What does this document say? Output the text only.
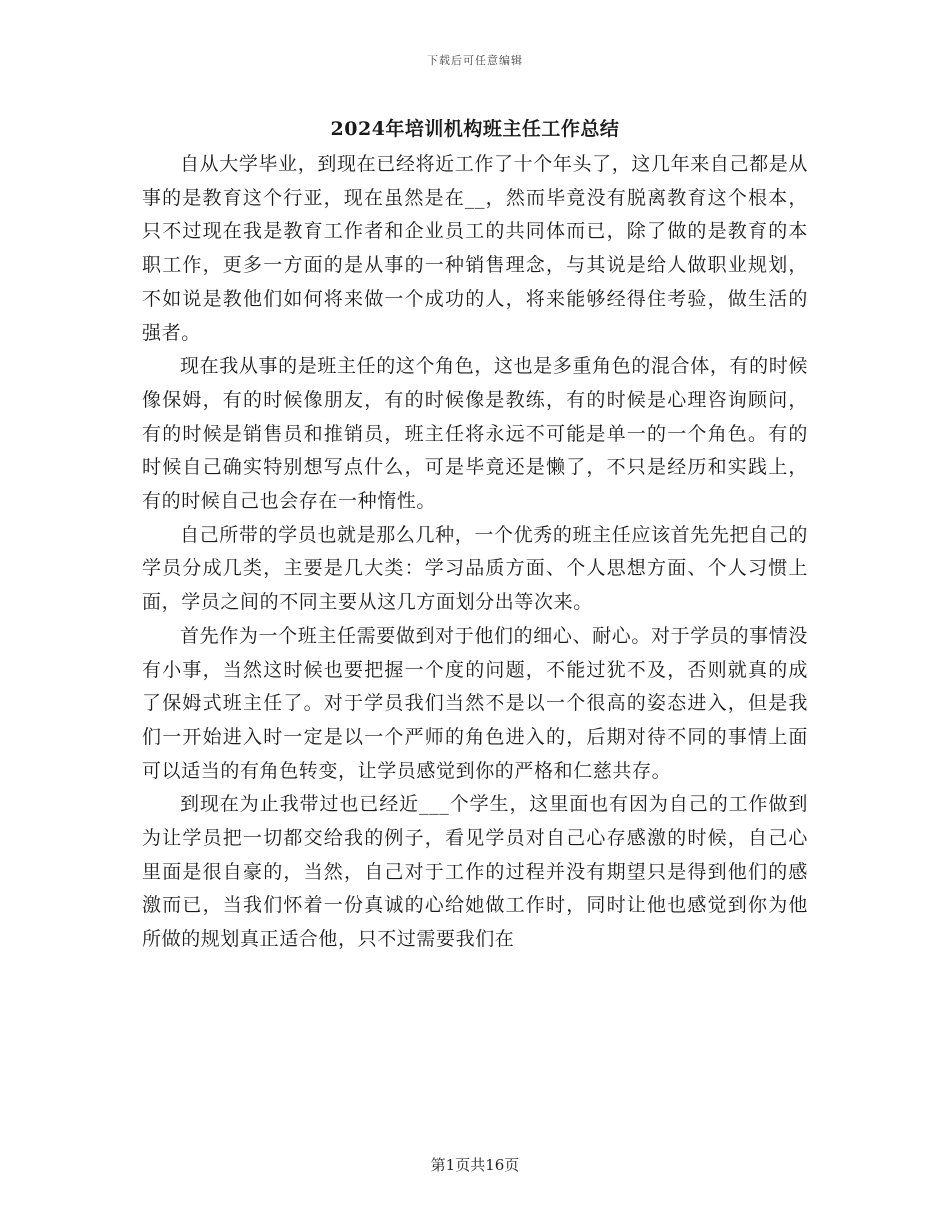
下载后可任意编辑
2024年培训机构班主任工作总结

自从大学毕业，到现在已经将近工作了十个年头了，这几年来自己都是从事的是教育这个行亚，现在虽然是在__，然而毕竟没有脱离教育这个根本，只不过现在我是教育工作者和企业员工的共同体而已，除了做的是教育的本职工作，更多一方面的是从事的一种销售理念，与其说是给人做职业规划，不如说是教他们如何将来做一个成功的人，将来能够经得住考验，做生活的强者。

现在我从事的是班主任的这个角色，这也是多重角色的混合体，有的时候像保姆，有的时候像朋友，有的时候像是教练，有的时候是心理咨询顾问，有的时候是销售员和推销员，班主任将永远不可能是单一的一个角色。有的时候自己确实特别想写点什么，可是毕竟还是懒了，不只是经历和实践上，有的时候自己也会存在一种惰性。

自己所带的学员也就是那么几种，一个优秀的班主任应该首先先把自己的学员分成几类，主要是几大类：学习品质方面、个人思想方面、个人习惯上面，学员之间的不同主要从这几方面划分出等次来。

首先作为一个班主任需要做到对于他们的细心、耐心。对于学员的事情没有小事，当然这时候也要把握一个度的问题，不能过犹不及，否则就真的成了保姆式班主任了。对于学员我们当然不是以一个很高的姿态进入，但是我们一开始进入时一定是以一个严师的角色进入的，后期对待不同的事情上面可以适当的有角色转变，让学员感觉到你的严格和仁慈共存。

到现在为止我带过也已经近___个学生，这里面也有因为自己的工作做到为让学员把一切都交给我的例子，看见学员对自己心存感激的时候，自己心里面是很自豪的，当然，自己对于工作的过程并没有期望只是得到他们的感激而已，当我们怀着一份真诚的心给她做工作时，同时让他也感觉到你为他所做的规划真正适合他，只不过需要我们在

第1页共16页
